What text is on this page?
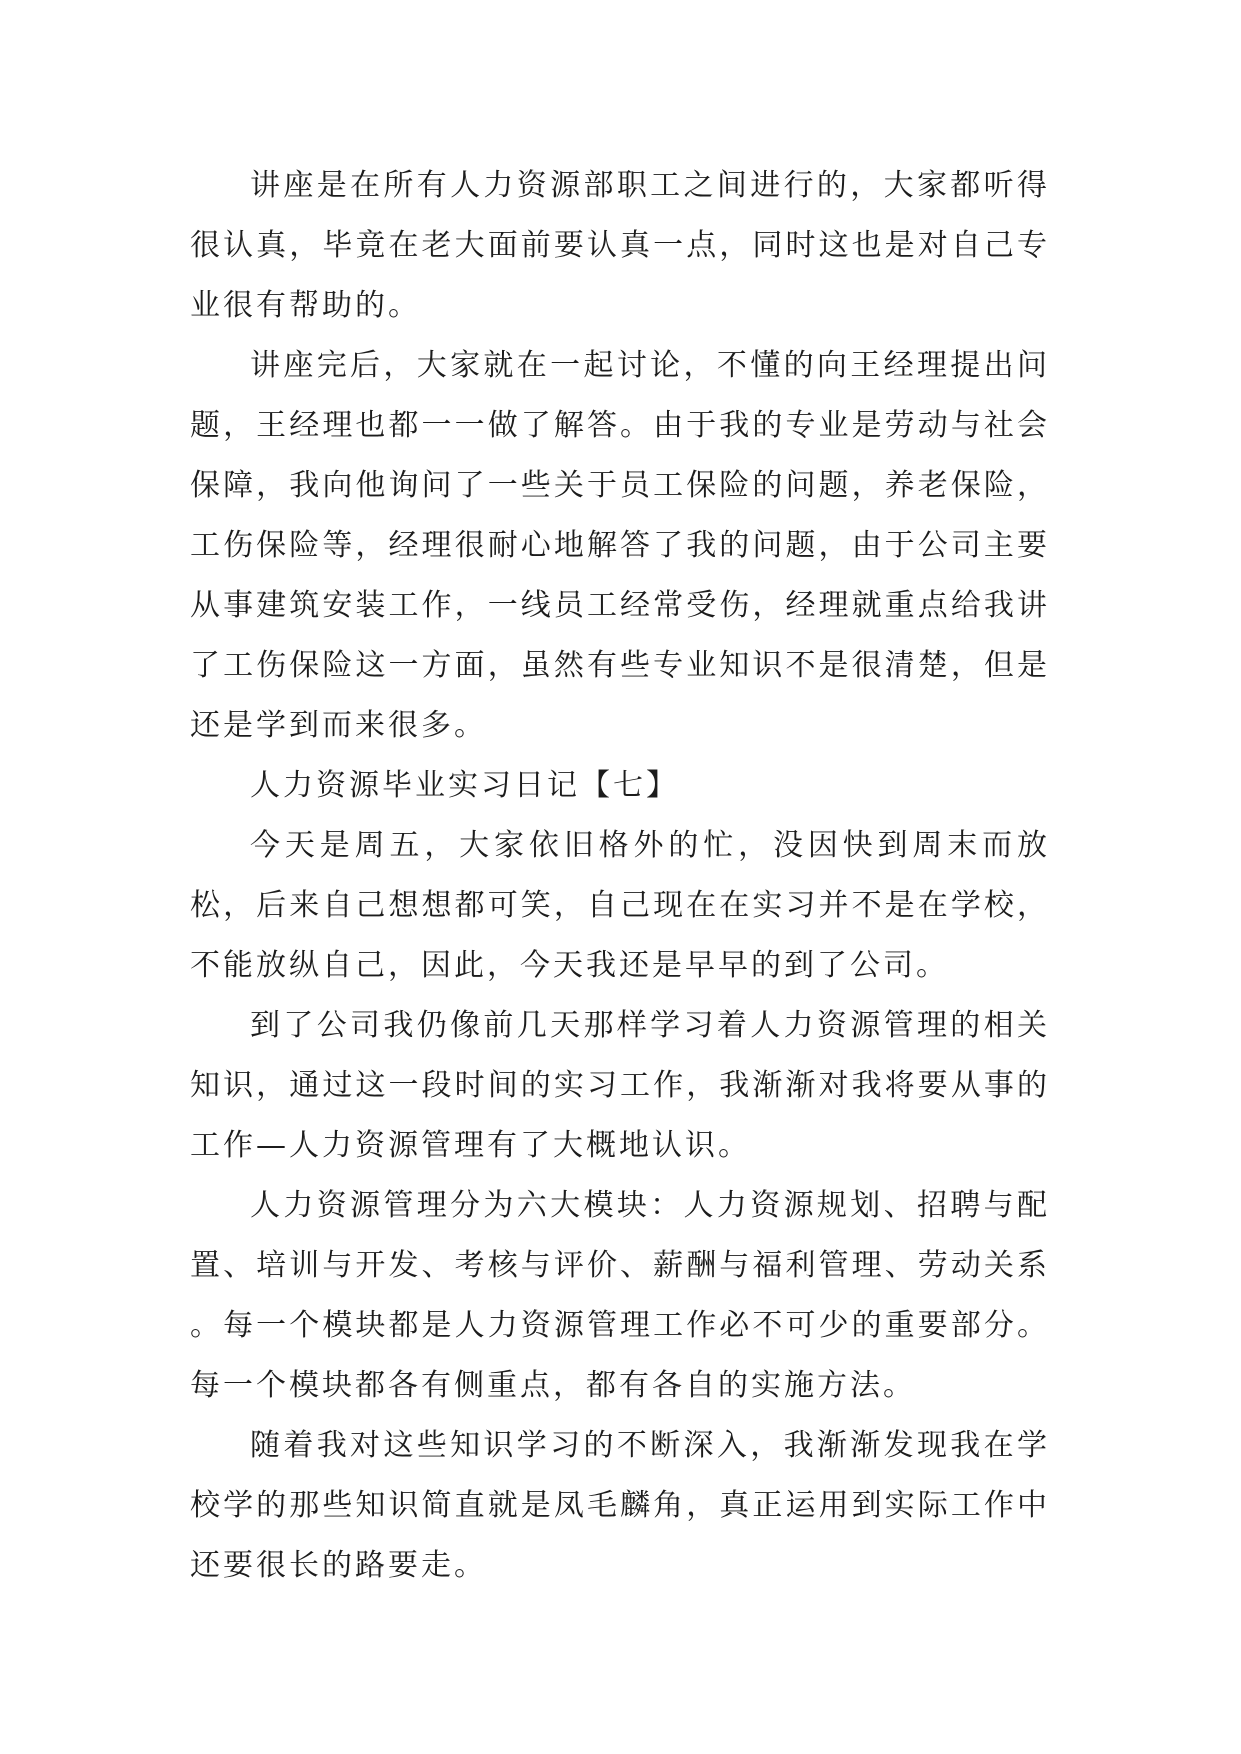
讲座是在所有人力资源部职工之间进行的，大家都听得很认真，毕竟在老大面前要认真一点，同时这也是对自己专业很有帮助的。

讲座完后，大家就在一起讨论，不懂的向王经理提出问题，王经理也都一一做了解答。由于我的专业是劳动与社会保障，我向他询问了一些关于员工保险的问题，养老保险，工伤保险等，经理很耐心地解答了我的问题，由于公司主要从事建筑安装工作，一线员工经常受伤，经理就重点给我讲了工伤保险这一方面，虽然有些专业知识不是很清楚，但是还是学到而来很多。

人力资源毕业实习日记【七】

今天是周五，大家依旧格外的忙，没因快到周末而放松，后来自己想想都可笑，自己现在在实习并不是在学校，不能放纵自己，因此，今天我还是早早的到了公司。

到了公司我仍像前几天那样学习着人力资源管理的相关知识，通过这一段时间的实习工作，我渐渐对我将要从事的工作—人力资源管理有了大概地认识。

人力资源管理分为六大模块：人力资源规划、招聘与配置、培训与开发、考核与评价、薪酬与福利管理、劳动关系 。每一个模块都是人力资源管理工作必不可少的重要部分。每一个模块都各有侧重点，都有各自的实施方法。

随着我对这些知识学习的不断深入，我渐渐发现我在学校学的那些知识简直就是凤毛麟角，真正运用到实际工作中还要很长的路要走。
